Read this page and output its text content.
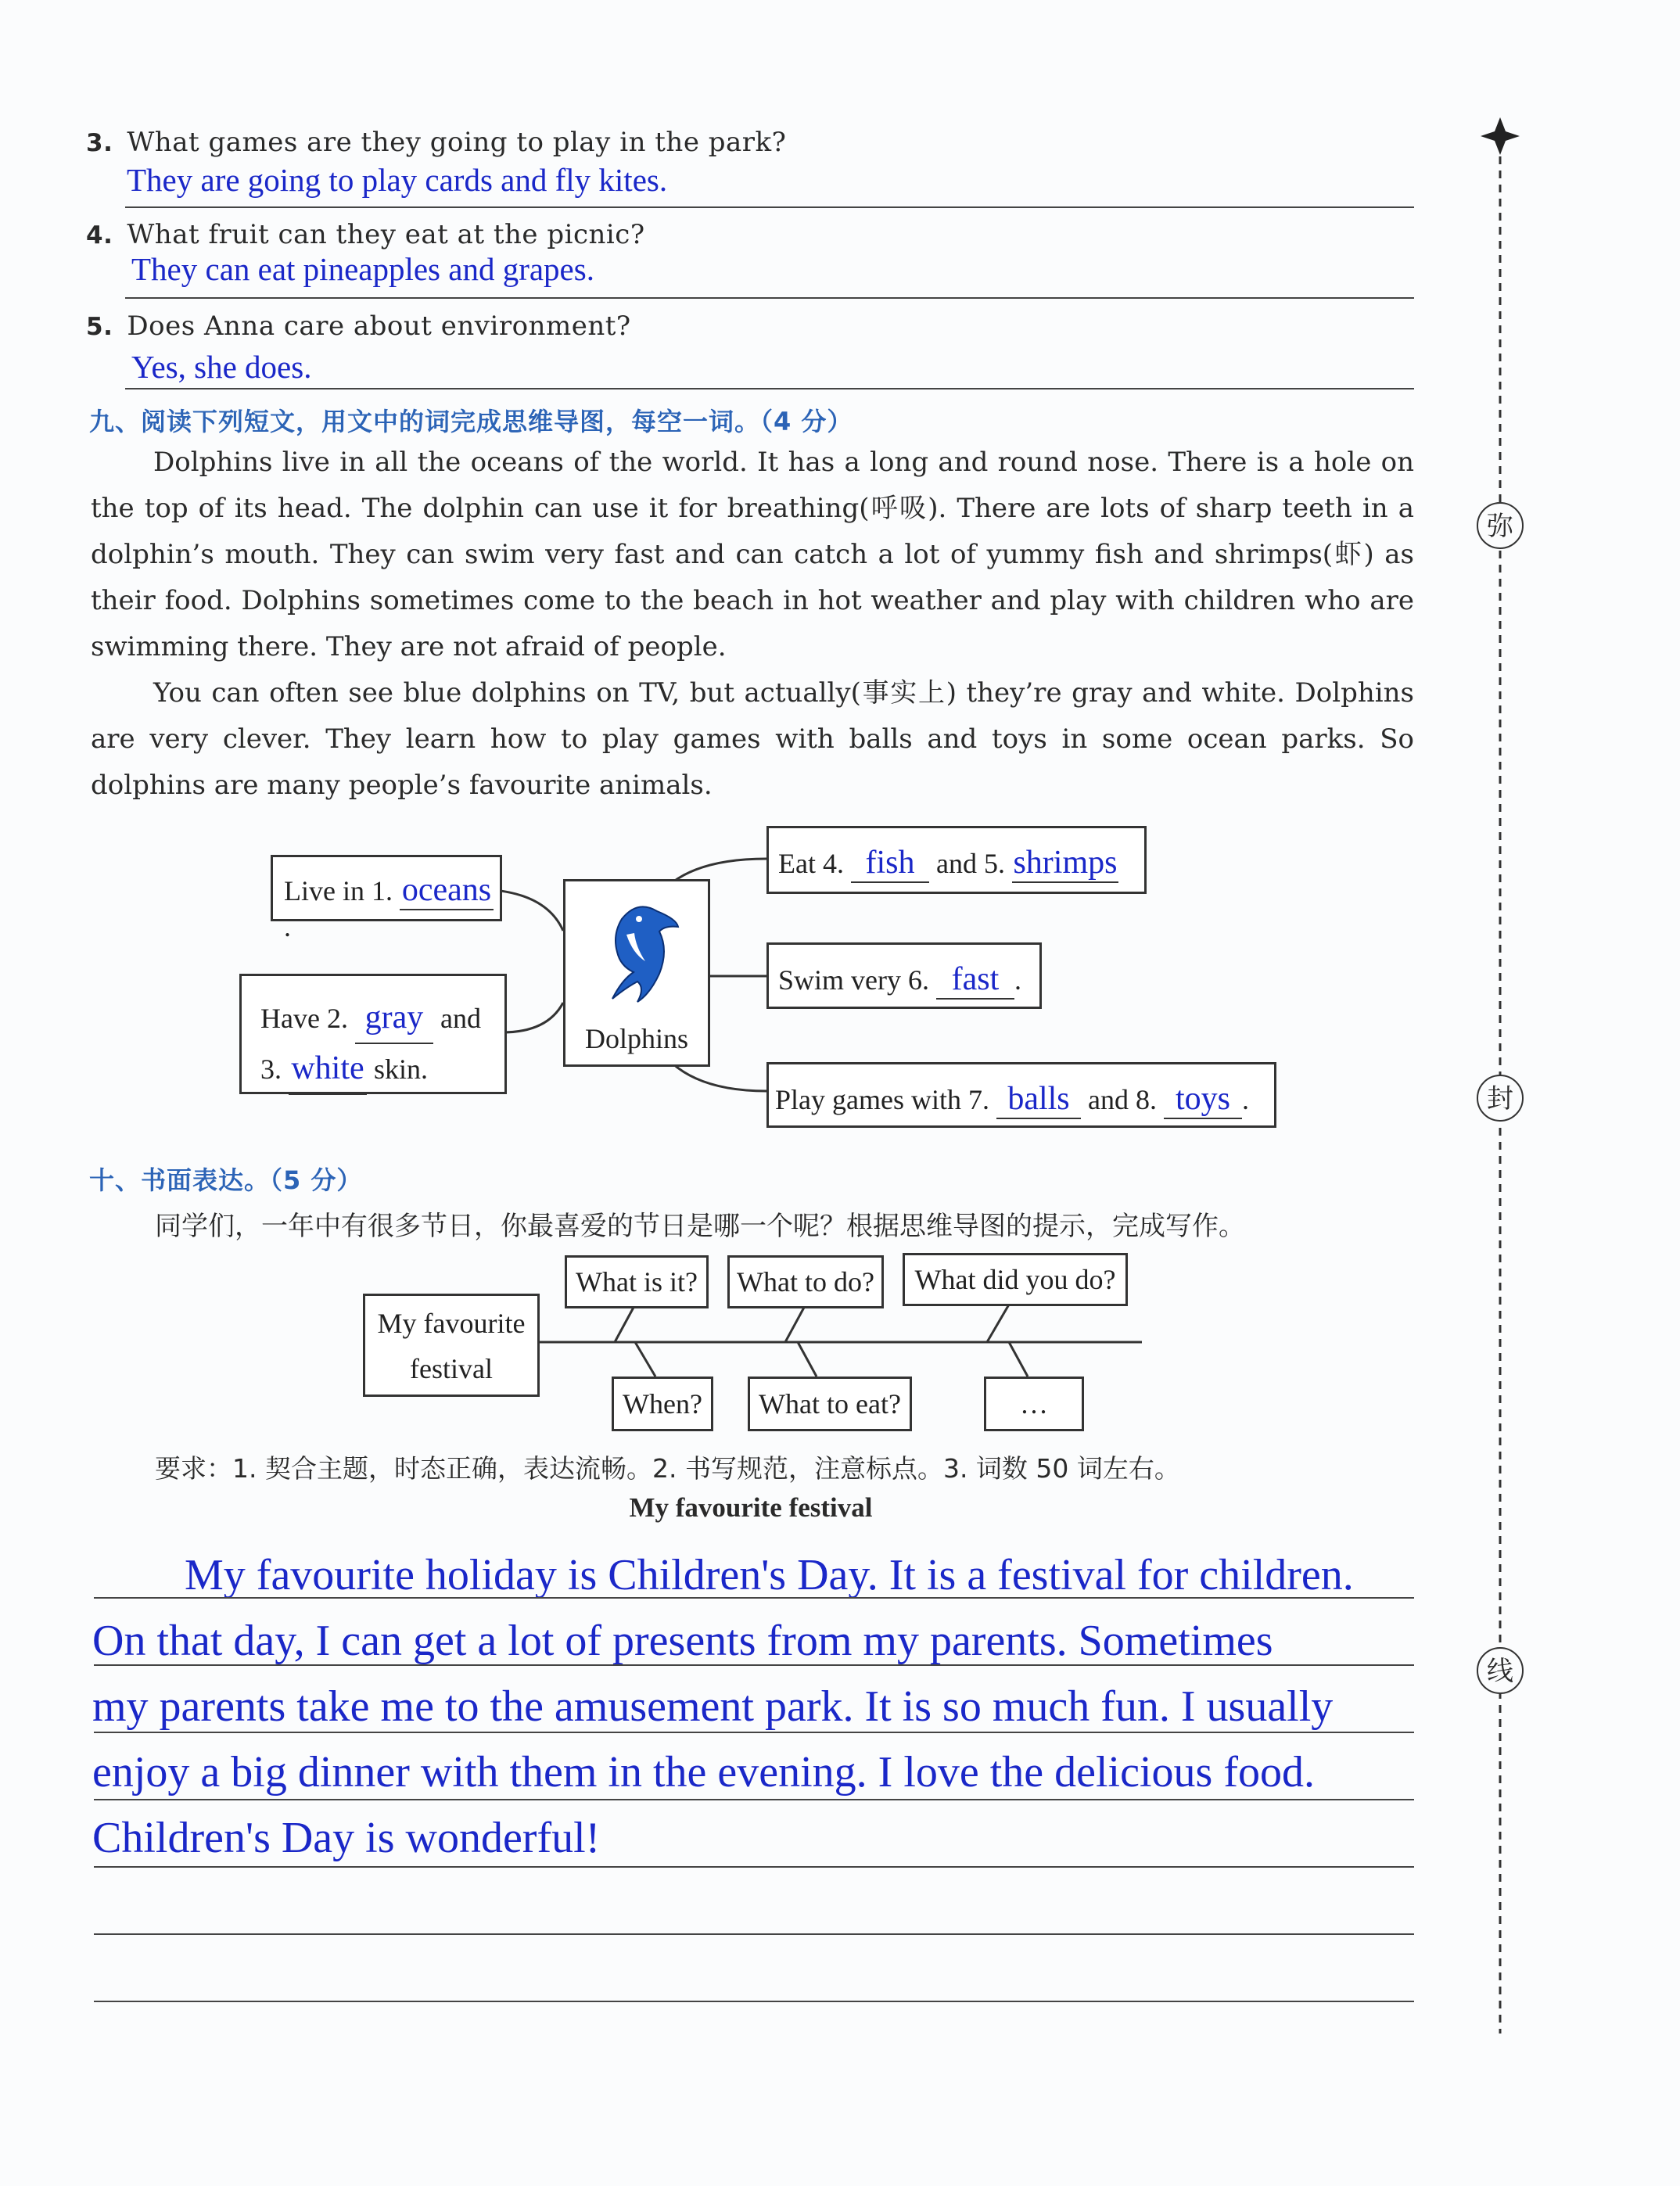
3. What games are they going to play in the park?
They are going to play cards and fly kites.
4. What fruit can they eat at the picnic?
They can eat pineapples and grapes.
5. Does Anna care about environment?
Yes, she does.
九、阅读下列短文，用文中的词完成思维导图，每空一词。（4 分）

Dolphins live in all the oceans of the world. It has a long and round nose. There is a hole on the top of its head. The dolphin can use it for breathing(呼吸). There are lots of sharp teeth in a dolphin’s mouth. They can swim very fast and can catch a lot of yummy fish and shrimps(虾) as their food. Dolphins sometimes come to the beach in hot weather and play with children who are swimming there. They are not afraid of people.

You can often see blue dolphins on TV, but actually(事实上) they’re gray and white. Dolphins are very clever. They learn how to play games with balls and toys in some ocean parks. So dolphins are many people’s favourite animals.

Live in 1. oceans.
Have 2. gray and
3. white skin.
Dolphins
Eat 4. fish and 5. shrimps
Swim very 6. fast .
Play games with 7. balls and 8. toys .
十、书面表达。（5 分）
同学们，一年中有很多节日，你最喜爱的节日是哪一个呢？根据思维导图的提示，完成写作。
My favourite
festival
What is it?	What to do?	What did you do?
When?	What to eat?	…
要求：1. 契合主题，时态正确，表达流畅。2. 书写规范，注意标点。3. 词数 50 词左右。
My favourite festival
My favourite holiday is Children's Day. It is a festival for children.
On that day, I can get a lot of presents from my parents. Sometimes
my parents take me to the amusement park. It is so much fun. I usually
enjoy a big dinner with them in the evening. I love the delicious food.
Children's Day is wonderful!
弥
封
线
